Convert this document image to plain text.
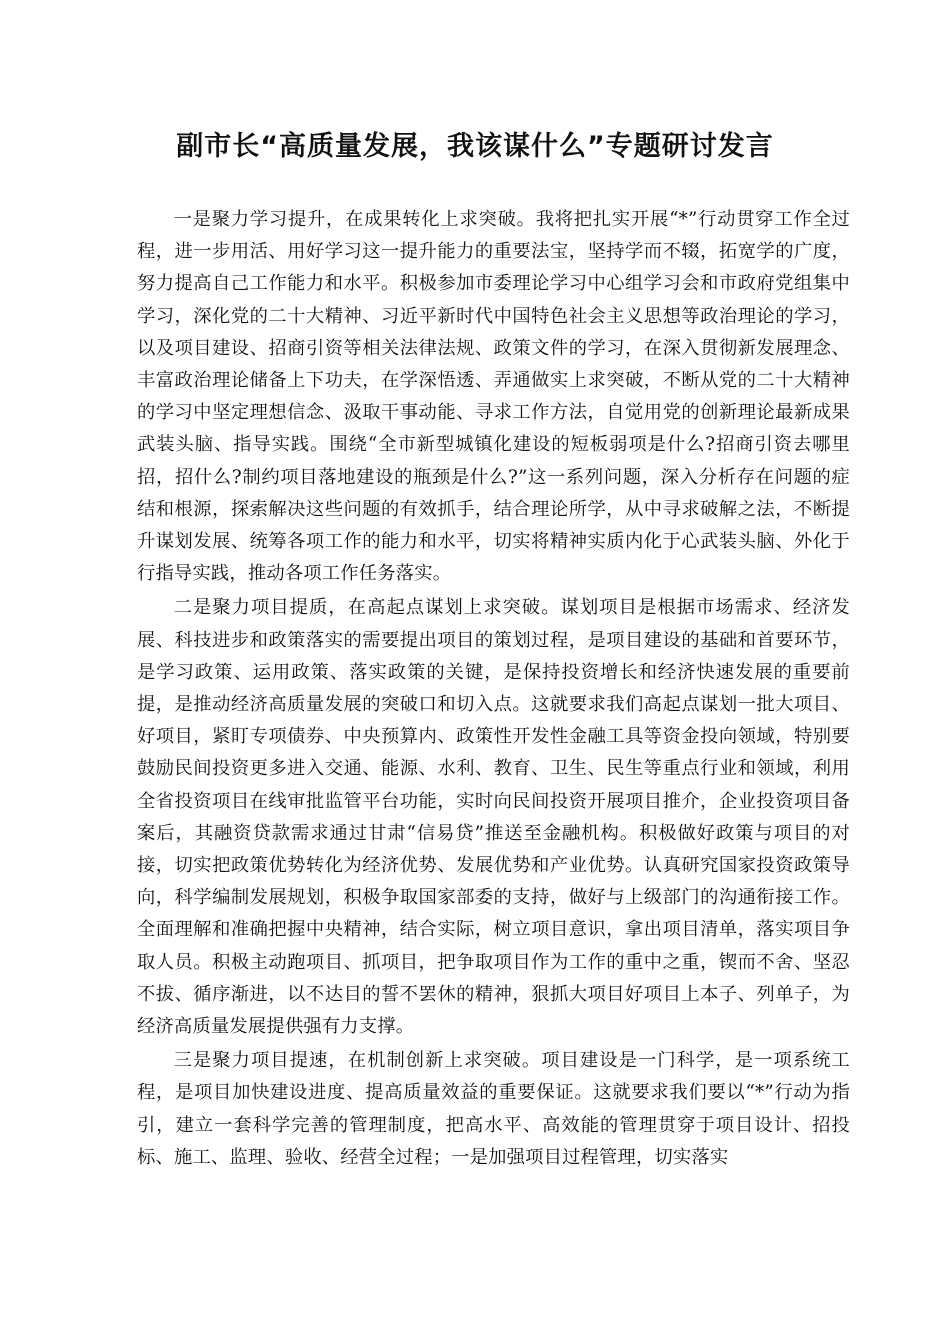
副市长“高质量发展，我该谋什么”专题研讨发言

一是聚力学习提升，在成果转化上求突破。我将把扎实开展“*”行动贯穿工作全过程，进一步用活、用好学习这一提升能力的重要法宝，坚持学而不辍，拓宽学的广度，努力提高自己工作能力和水平。积极参加市委理论学习中心组学习会和市政府党组集中学习，深化党的二十大精神、习近平新时代中国特色社会主义思想等政治理论的学习，以及项目建设、招商引资等相关法律法规、政策文件的学习，在深入贯彻新发展理念、丰富政治理论储备上下功夫，在学深悟透、弄通做实上求突破，不断从党的二十大精神的学习中坚定理想信念、汲取干事动能、寻求工作方法，自觉用党的创新理论最新成果武装头脑、指导实践。围绕“全市新型城镇化建设的短板弱项是什么?招商引资去哪里招，招什么?制约项目落地建设的瓶颈是什么?”这一系列问题，深入分析存在问题的症结和根源，探索解决这些问题的有效抓手，结合理论所学，从中寻求破解之法，不断提升谋划发展、统筹各项工作的能力和水平，切实将精神实质内化于心武装头脑、外化于行指导实践，推动各项工作任务落实。

二是聚力项目提质，在高起点谋划上求突破。谋划项目是根据市场需求、经济发展、科技进步和政策落实的需要提出项目的策划过程，是项目建设的基础和首要环节，是学习政策、运用政策、落实政策的关键，是保持投资增长和经济快速发展的重要前提，是推动经济高质量发展的突破口和切入点。这就要求我们高起点谋划一批大项目、好项目，紧盯专项债券、中央预算内、政策性开发性金融工具等资金投向领域，特别要鼓励民间投资更多进入交通、能源、水利、教育、卫生、民生等重点行业和领域，利用全省投资项目在线审批监管平台功能，实时向民间投资开展项目推介，企业投资项目备案后，其融资贷款需求通过甘肃“信易贷”推送至金融机构。积极做好政策与项目的对接，切实把政策优势转化为经济优势、发展优势和产业优势。认真研究国家投资政策导向，科学编制发展规划，积极争取国家部委的支持，做好与上级部门的沟通衔接工作。全面理解和准确把握中央精神，结合实际，树立项目意识，拿出项目清单，落实项目争取人员。积极主动跑项目、抓项目，把争取项目作为工作的重中之重，锲而不舍、坚忍不拔、循序渐进，以不达目的誓不罢休的精神，狠抓大项目好项目上本子、列单子，为经济高质量发展提供强有力支撑。

三是聚力项目提速，在机制创新上求突破。项目建设是一门科学，是一项系统工程，是项目加快建设进度、提高质量效益的重要保证。这就要求我们要以“*”行动为指引，建立一套科学完善的管理制度，把高水平、高效能的管理贯穿于项目设计、招投标、施工、监理、验收、经营全过程；一是加强项目过程管理，切实落实
